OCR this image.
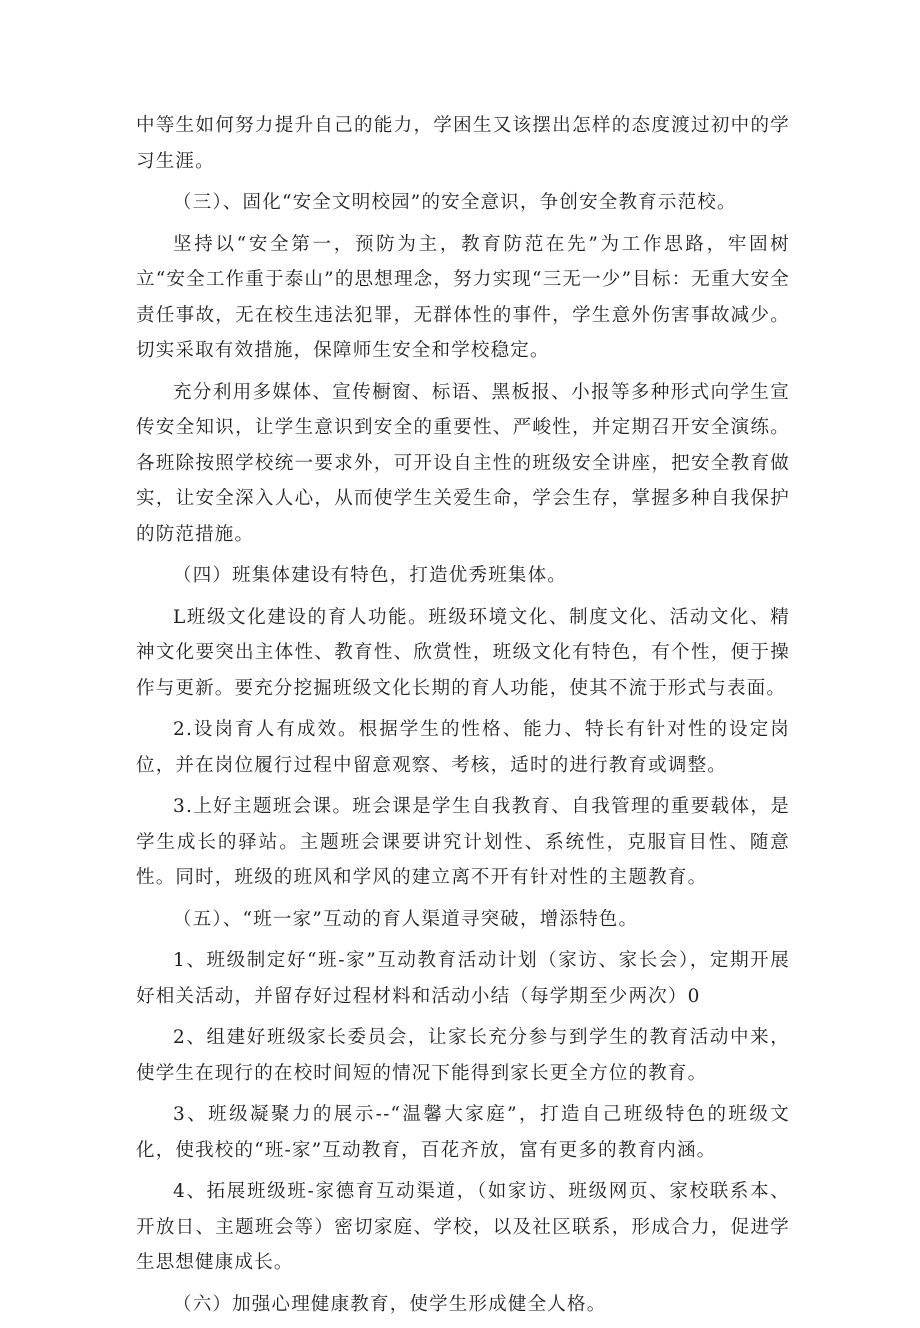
中等生如何努力提升自己的能力，学困生又该摆出怎样的态度渡过初中的学习生涯。

（三）、固化“安全文明校园”的安全意识，争创安全教育示范校。

坚持以“安全第一，预防为主，教育防范在先”为工作思路，牢固树立“安全工作重于泰山”的思想理念，努力实现“三无一少”目标：无重大安全责任事故，无在校生违法犯罪，无群体性的事件，学生意外伤害事故减少。切实采取有效措施，保障师生安全和学校稳定。

充分利用多媒体、宣传橱窗、标语、黑板报、小报等多种形式向学生宣传安全知识，让学生意识到安全的重要性、严峻性，并定期召开安全演练。各班除按照学校统一要求外，可开设自主性的班级安全讲座，把安全教育做实，让安全深入人心，从而使学生关爱生命，学会生存，掌握多种自我保护的防范措施。

（四）班集体建设有特色，打造优秀班集体。

L班级文化建设的育人功能。班级环境文化、制度文化、活动文化、精神文化要突出主体性、教育性、欣赏性，班级文化有特色，有个性，便于操作与更新。要充分挖掘班级文化长期的育人功能，使其不流于形式与表面。

2.设岗育人有成效。根据学生的性格、能力、特长有针对性的设定岗位，并在岗位履行过程中留意观察、考核，适时的进行教育或调整。

3.上好主题班会课。班会课是学生自我教育、自我管理的重要载体，是学生成长的驿站。主题班会课要讲究计划性、系统性，克服盲目性、随意性。同时，班级的班风和学风的建立离不开有针对性的主题教育。

（五）、“班一家”互动的育人渠道寻突破，增添特色。

1、班级制定好“班-家”互动教育活动计划（家访、家长会），定期开展好相关活动，并留存好过程材料和活动小结（每学期至少两次）0

2、组建好班级家长委员会，让家长充分参与到学生的教育活动中来，使学生在现行的在校时间短的情况下能得到家长更全方位的教育。

3、班级凝聚力的展示--“温馨大家庭”，打造自己班级特色的班级文化，使我校的“班-家”互动教育，百花齐放，富有更多的教育内涵。

4、拓展班级班-家德育互动渠道，（如家访、班级网页、家校联系本、开放日、主题班会等）密切家庭、学校，以及社区联系，形成合力，促进学生思想健康成长。

（六）加强心理健康教育，使学生形成健全人格。
